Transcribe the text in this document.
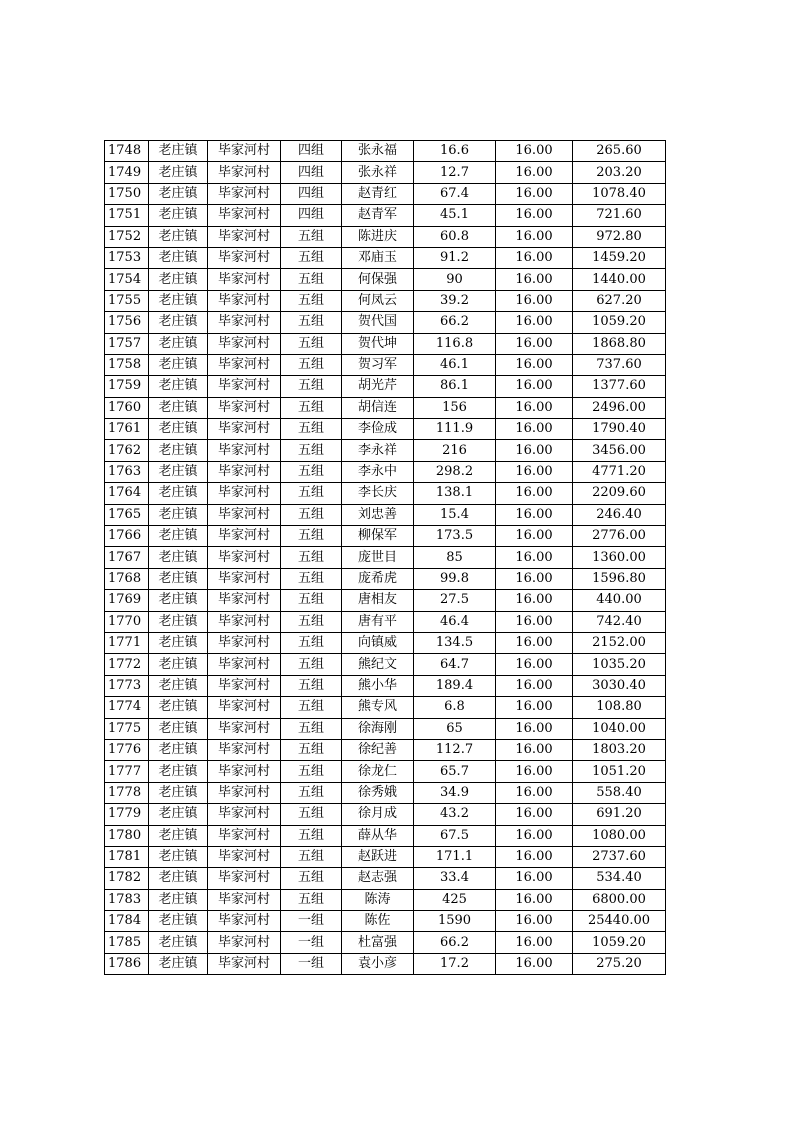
1748	老庄镇	毕家河村	四组	张永福	16.6	16.00	265.60
1749	老庄镇	毕家河村	四组	张永祥	12.7	16.00	203.20
1750	老庄镇	毕家河村	四组	赵青红	67.4	16.00	1078.40
1751	老庄镇	毕家河村	四组	赵青军	45.1	16.00	721.60
1752	老庄镇	毕家河村	五组	陈进庆	60.8	16.00	972.80
1753	老庄镇	毕家河村	五组	邓庙玉	91.2	16.00	1459.20
1754	老庄镇	毕家河村	五组	何保强	90	16.00	1440.00
1755	老庄镇	毕家河村	五组	何凤云	39.2	16.00	627.20
1756	老庄镇	毕家河村	五组	贺代国	66.2	16.00	1059.20
1757	老庄镇	毕家河村	五组	贺代坤	116.8	16.00	1868.80
1758	老庄镇	毕家河村	五组	贺习军	46.1	16.00	737.60
1759	老庄镇	毕家河村	五组	胡光芹	86.1	16.00	1377.60
1760	老庄镇	毕家河村	五组	胡信连	156	16.00	2496.00
1761	老庄镇	毕家河村	五组	李俭成	111.9	16.00	1790.40
1762	老庄镇	毕家河村	五组	李永祥	216	16.00	3456.00
1763	老庄镇	毕家河村	五组	李永中	298.2	16.00	4771.20
1764	老庄镇	毕家河村	五组	李长庆	138.1	16.00	2209.60
1765	老庄镇	毕家河村	五组	刘忠善	15.4	16.00	246.40
1766	老庄镇	毕家河村	五组	柳保军	173.5	16.00	2776.00
1767	老庄镇	毕家河村	五组	庞世目	85	16.00	1360.00
1768	老庄镇	毕家河村	五组	庞希虎	99.8	16.00	1596.80
1769	老庄镇	毕家河村	五组	唐相友	27.5	16.00	440.00
1770	老庄镇	毕家河村	五组	唐有平	46.4	16.00	742.40
1771	老庄镇	毕家河村	五组	向镇威	134.5	16.00	2152.00
1772	老庄镇	毕家河村	五组	熊纪文	64.7	16.00	1035.20
1773	老庄镇	毕家河村	五组	熊小华	189.4	16.00	3030.40
1774	老庄镇	毕家河村	五组	熊专风	6.8	16.00	108.80
1775	老庄镇	毕家河村	五组	徐海刚	65	16.00	1040.00
1776	老庄镇	毕家河村	五组	徐纪善	112.7	16.00	1803.20
1777	老庄镇	毕家河村	五组	徐龙仁	65.7	16.00	1051.20
1778	老庄镇	毕家河村	五组	徐秀娥	34.9	16.00	558.40
1779	老庄镇	毕家河村	五组	徐月成	43.2	16.00	691.20
1780	老庄镇	毕家河村	五组	薛从华	67.5	16.00	1080.00
1781	老庄镇	毕家河村	五组	赵跃进	171.1	16.00	2737.60
1782	老庄镇	毕家河村	五组	赵志强	33.4	16.00	534.40
1783	老庄镇	毕家河村	五组	陈涛	425	16.00	6800.00
1784	老庄镇	毕家河村	一组	陈佐	1590	16.00	25440.00
1785	老庄镇	毕家河村	一组	杜富强	66.2	16.00	1059.20
1786	老庄镇	毕家河村	一组	袁小彦	17.2	16.00	275.20
